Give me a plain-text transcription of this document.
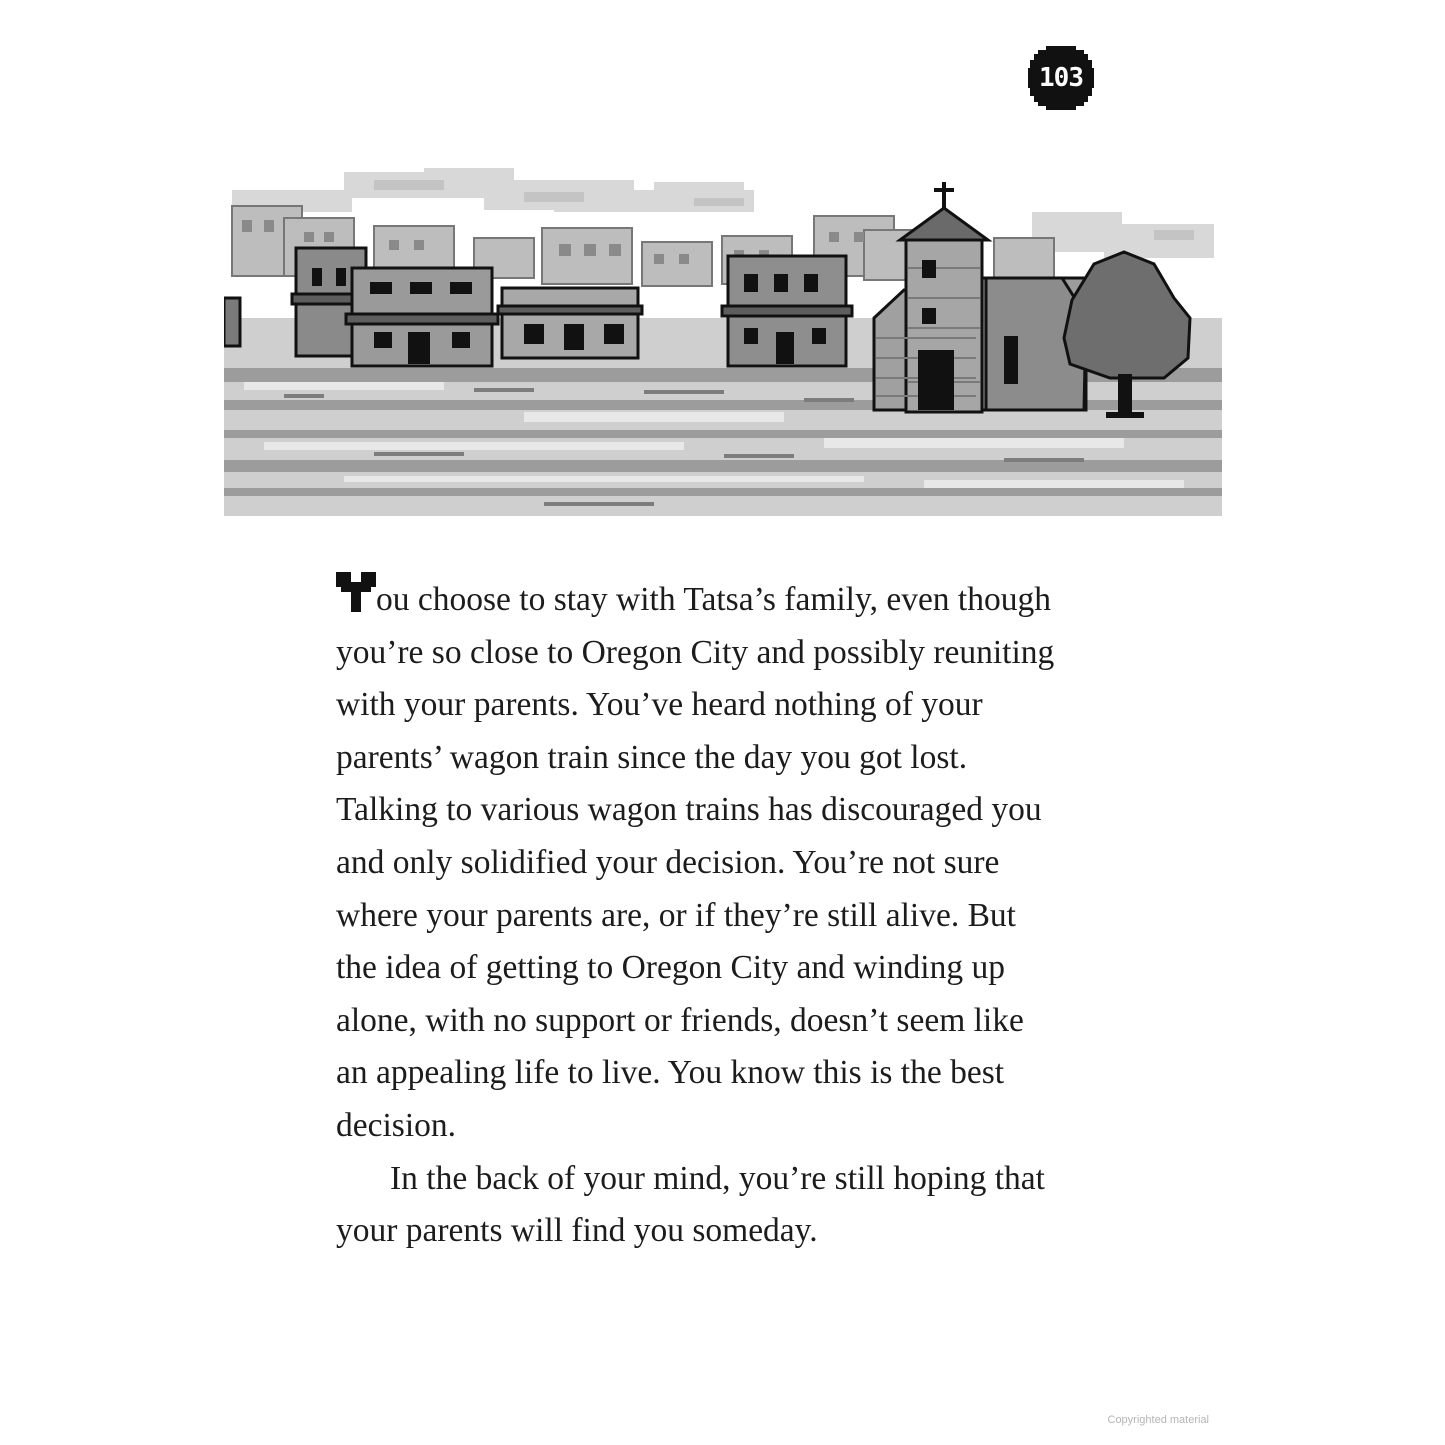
103

ou choose to stay with Tatsa’s family, even though
you’re so close to Oregon City and possibly reuniting
with your parents. You’ve heard nothing of your
parents’ wagon train since the day you got lost.
Talking to various wagon trains has discouraged you
and only solidified your decision. You’re not sure
where your parents are, or if they’re still alive. But
the idea of getting to Oregon City and winding up
alone, with no support or friends, doesn’t seem like
an appealing life to live. You know this is the best
decision.

In the back of your mind, you’re still hoping that
your parents will find you someday.

Copyrighted material
